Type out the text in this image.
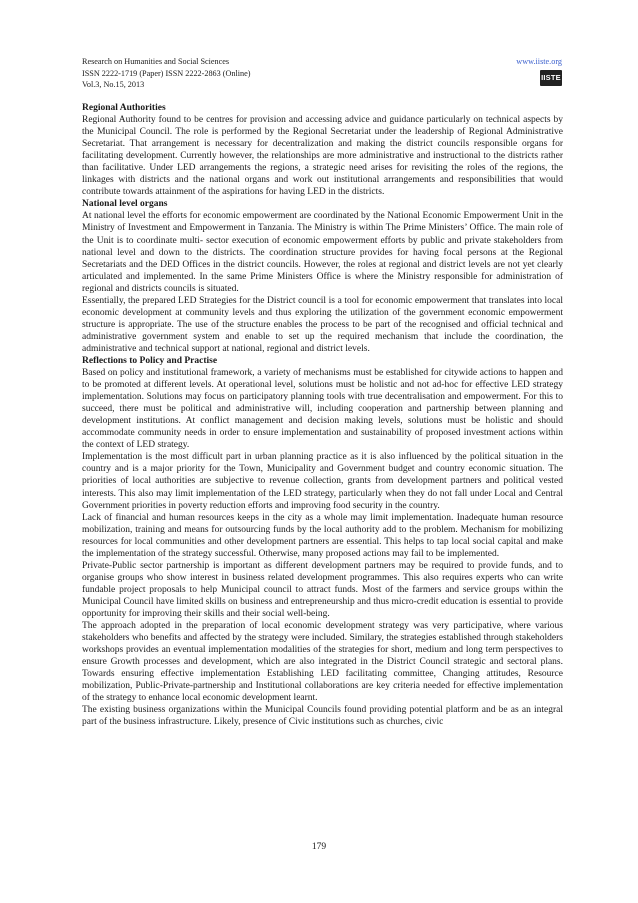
Research on Humanities and Social Sciences
ISSN 2222-1719 (Paper) ISSN 2222-2863 (Online)
Vol.3, No.15, 2013
www.iiste.org
IISTE
Regional Authorities

Regional Authority found to be centres for provision and accessing advice and guidance particularly on technical aspects by the Municipal Council. The role is performed by the Regional Secretariat under the leadership of Regional Administrative Secretariat. That arrangement is necessary for decentralization and making the district councils responsible organs for facilitating development. Currently however, the relationships are more administrative and instructional to the districts rather than facilitative. Under LED arrangements the regions, a strategic need arises for revisiting the roles of the regions, the linkages with districts and the national organs and work out institutional arrangements and responsibilities that would contribute towards attainment of the aspirations for having LED in the districts.

National level organs

At national level the efforts for economic empowerment are coordinated by the National Economic Empowerment Unit in the Ministry of Investment and Empowerment in Tanzania. The Ministry is within The Prime Ministers’ Office. The main role of the Unit is to coordinate multi- sector execution of economic empowerment efforts by public and private stakeholders from national level and down to the districts. The coordination structure provides for having focal persons at the Regional Secretariats and the DED Offices in the district councils. However, the roles at regional and district levels are not yet clearly articulated and implemented. In the same Prime Ministers Office is where the Ministry responsible for administration of regional and districts councils is situated.

Essentially, the prepared LED Strategies for the District council is a tool for economic empowerment that translates into local economic development at community levels and thus exploring the utilization of the government economic empowerment structure is appropriate. The use of the structure enables the process to be part of the recognised and official technical and administrative government system and enable to set up the required mechanism that include the coordination, the administrative and technical support at national, regional and district levels.

Reflections to Policy and Practise

Based on policy and institutional framework, a variety of mechanisms must be established for citywide actions to happen and to be promoted at different levels. At operational level, solutions must be holistic and not ad-hoc for effective LED strategy implementation. Solutions may focus on participatory planning tools with true decentralisation and empowerment. For this to succeed, there must be political and administrative will, including cooperation and partnership between planning and development institutions. At conflict management and decision making levels, solutions must be holistic and should accommodate community needs in order to ensure implementation and sustainability of proposed investment actions within the context of LED strategy.

Implementation is the most difficult part in urban planning practice as it is also influenced by the political situation in the country and is a major priority for the Town, Municipality and Government budget and country economic situation. The priorities of local authorities are subjective to revenue collection, grants from development partners and political vested interests. This also may limit implementation of the LED strategy, particularly when they do not fall under Local and Central Government priorities in poverty reduction efforts and improving food security in the country.

Lack of financial and human resources keeps in the city as a whole may limit implementation. Inadequate human resource mobilization, training and means for outsourcing funds by the local authority add to the problem. Mechanism for mobilizing resources for local communities and other development partners are essential. This helps to tap local social capital and make the implementation of the strategy successful. Otherwise, many proposed actions may fail to be implemented.

Private-Public sector partnership is important as different development partners may be required to provide funds, and to organise groups who show interest in business related development programmes. This also requires experts who can write fundable project proposals to help Municipal council to attract funds. Most of the farmers and service groups within the Municipal Council have limited skills on business and entrepreneurship and thus micro-credit education is essential to provide opportunity for improving their skills and their social well-being.

The approach adopted in the preparation of local economic development strategy was very participative, where various stakeholders who benefits and affected by the strategy were included. Similary, the strategies established through stakeholders workshops provides an eventual implementation modalities of the strategies for short, medium and long term perspectives to ensure Growth processes and development, which are also integrated in the District Council strategic and sectoral plans. Towards ensuring effective implementation Establishing LED facilitating committee, Changing attitudes, Resource mobilization, Public-Private-partnership and Institutional collaborations are key criteria needed for effective implementation of the strategy to enhance local economic development learnt.

The existing business organizations within the Municipal Councils found providing potential platform and be as an integral part of the business infrastructure. Likely, presence of Civic institutions such as churches, civic

179
